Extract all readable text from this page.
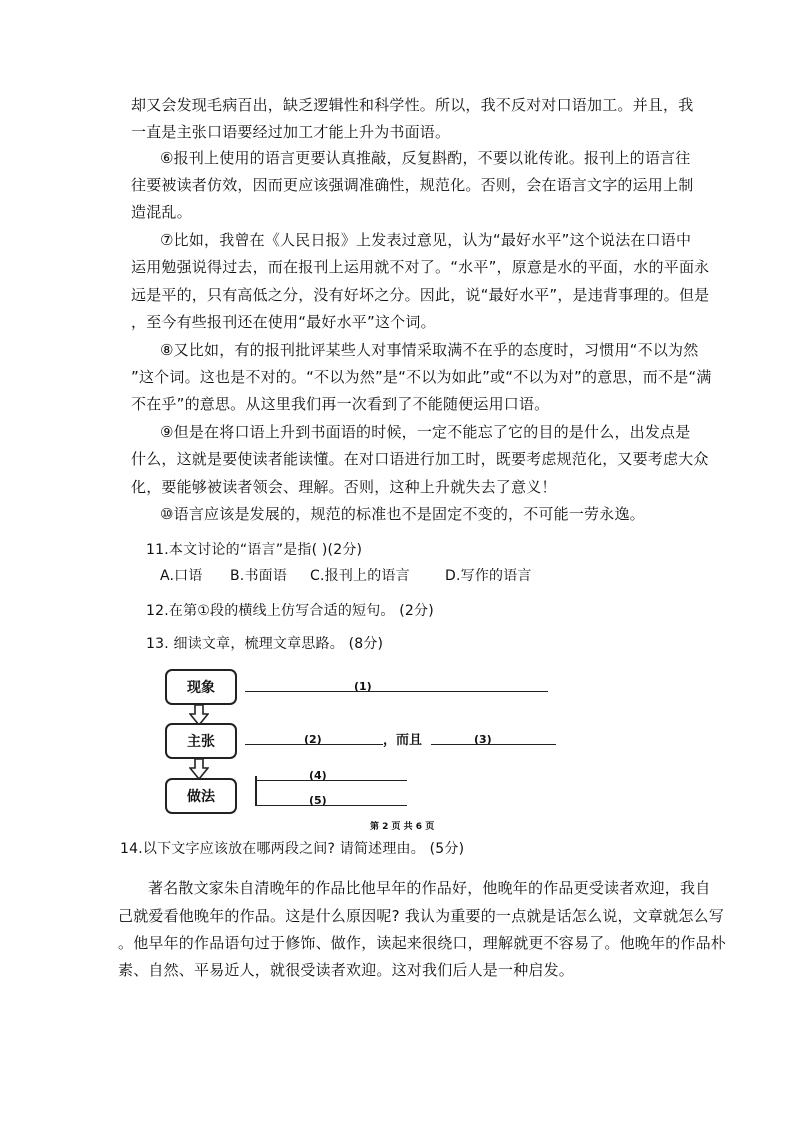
却又会发现毛病百出，缺乏逻辑性和科学性。所以，我不反对对口语加工。并且，我
一直是主张口语要经过加工才能上升为书面语。
⑥报刊上使用的语言更要认真推敲，反复斟酌，不要以讹传讹。报刊上的语言往
往要被读者仿效，因而更应该强调准确性，规范化。否则，会在语言文字的运用上制
造混乱。
⑦比如，我曾在《人民日报》上发表过意见，认为“最好水平”这个说法在口语中
运用勉强说得过去，而在报刊上运用就不对了。“水平”，原意是水的平面，水的平面永
远是平的，只有高低之分，没有好坏之分。因此，说“最好水平”，是违背事理的。但是
，至今有些报刊还在使用“最好水平”这个词。
⑧又比如，有的报刊批评某些人对事情采取满不在乎的态度时，习惯用“不以为然
”这个词。这也是不对的。“不以为然”是“不以为如此”或“不以为对”的意思，而不是“满
不在乎”的意思。从这里我们再一次看到了不能随便运用口语。
⑨但是在将口语上升到书面语的时候，一定不能忘了它的目的是什么，出发点是
什么，这就是要使读者能读懂。在对口语进行加工时，既要考虑规范化，又要考虑大众
化，要能够被读者领会、理解。否则，这种上升就失去了意义！
⑩语言应该是发展的，规范的标准也不是固定不变的，不可能一劳永逸。
11.本文讨论的“语言”是指( )(2分)
A.口语 B.书面语 C.报刊上的语言	D.写作的语言
12.在第①段的横线上仿写合适的短句。 (2分)
13. 细读文章，梳理文章思路。 (8分)
现象
主张
做法
(1)
(2)	，而且	(3)
(4)
(5)
第 2 页 共 6 页
14.以下文字应该放在哪两段之间? 请简述理由。 (5分)
著名散文家朱自清晚年的作品比他早年的作品好，他晚年的作品更受读者欢迎，我自
己就爱看他晚年的作品。这是什么原因呢? 我认为重要的一点就是话怎么说，文章就怎么写
。他早年的作品语句过于修饰、做作，读起来很绕口，理解就更不容易了。他晚年的作品朴
素、自然、平易近人，就很受读者欢迎。这对我们后人是一种启发。
